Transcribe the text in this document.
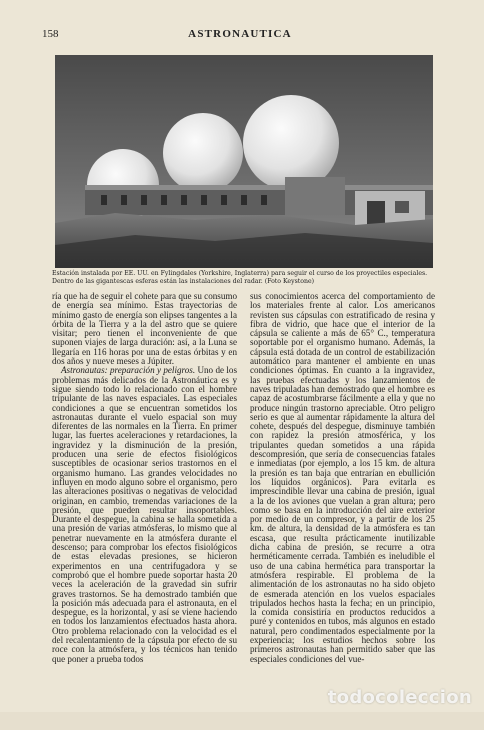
158	ASTRONAUTICA
Estación instalada por EE. UU. en Fylingdales (Yorkshire, Inglaterra) para seguir el curso de los proyectiles especiales.
Dentro de las gigantescas esferas están las instalaciones del radar. (Foto Keystone)

ría que ha de seguir el cohete para que su consumo de energía sea mínimo. Estas trayectorias de mínimo gasto de energía son elipses tangentes a la órbita de la Tierra y a la del astro que se quiere visitar; pero tienen el inconveniente de que suponen viajes de larga duración: así, a la Luna se llegaría en 116 horas por una de estas órbitas y en dos años y nueve meses a Júpiter.

Astronautas: preparación y peligros. Uno de los problemas más delicados de la Astronáutica es y sigue siendo todo lo relacionado con el hombre tripulante de las naves espaciales. Las especiales condiciones a que se encuentran sometidos los astronautas durante el vuelo espacial son muy diferentes de las normales en la Tierra. En primer lugar, las fuertes aceleraciones y retardaciones, la ingravidez y la disminución de la presión, producen una serie de efectos fisiológicos susceptibles de ocasionar serios trastornos en el organismo humano. Las grandes velocidades no influyen en modo alguno sobre el organismo, pero las alteraciones positivas o negativas de velocidad originan, en cambio, tremendas variaciones de la presión, que pueden resultar insoportables. Durante el despegue, la cabina se halla sometida a una presión de varias atmósferas, lo mismo que al penetrar nuevamente en la atmósfera durante el descenso; para comprobar los efectos fisiológicos de estas elevadas presiones, se hicieron experimentos en una centrifugadora y se comprobó que el hombre puede soportar hasta 20 veces la aceleración de la gravedad sin sufrir graves trastornos. Se ha demostrado también que la posición más adecuada para el astronauta, en el despegue, es la horizontal, y así se viene haciendo en todos los lanzamientos efectuados hasta ahora. Otro problema relacionado con la velocidad es el del recalentamiento de la cápsula por efecto de su roce con la atmósfera, y los técnicos han tenido que poner a prueba todos

sus conocimientos acerca del comportamiento de los materiales frente al calor. Los americanos revisten sus cápsulas con estratificado de resina y fibra de vidrio, que hace que el interior de la cápsula se caliente a más de 65° C., temperatura soportable por el organismo humano. Además, la cápsula está dotada de un control de estabilización automático para mantener el ambiente en unas condiciones óptimas. En cuanto a la ingravidez, las pruebas efectuadas y los lanzamientos de naves tripuladas han demostrado que el hombre es capaz de acostumbrarse fácilmente a ella y que no produce ningún trastorno apreciable. Otro peligro serio es que al aumentar rápidamente la altura del cohete, después del despegue, disminuye también con rapidez la presión atmosférica, y los tripulantes quedan sometidos a una rápida descompresión, que sería de consecuencias fatales e inmediatas (por ejemplo, a los 15 km. de altura la presión es tan baja que entrarían en ebullición los líquidos orgánicos). Para evitarla es imprescindible llevar una cabina de presión, igual a la de los aviones que vuelan a gran altura; pero como se basa en la introducción del aire exterior por medio de un compresor, y a partir de los 25 km. de altura, la densidad de la atmósfera es tan escasa, que resulta prácticamente inutilizable dicha cabina de presión, se recurre a otra herméticamente cerrada. También es ineludible el uso de una cabina hermética para transportar la atmósfera respirable. El problema de la alimentación de los astronautas no ha sido objeto de esmerada atención en los vuelos espaciales tripulados hechos hasta la fecha; en un principio, la comida consistiría en productos reducidos a puré y contenidos en tubos, más algunos en estado natural, pero condimentados especialmente por la experiencia; los estudios hechos sobre los primeros astronautas han permitido saber que las especiales condiciones del vue-

todocoleccion
